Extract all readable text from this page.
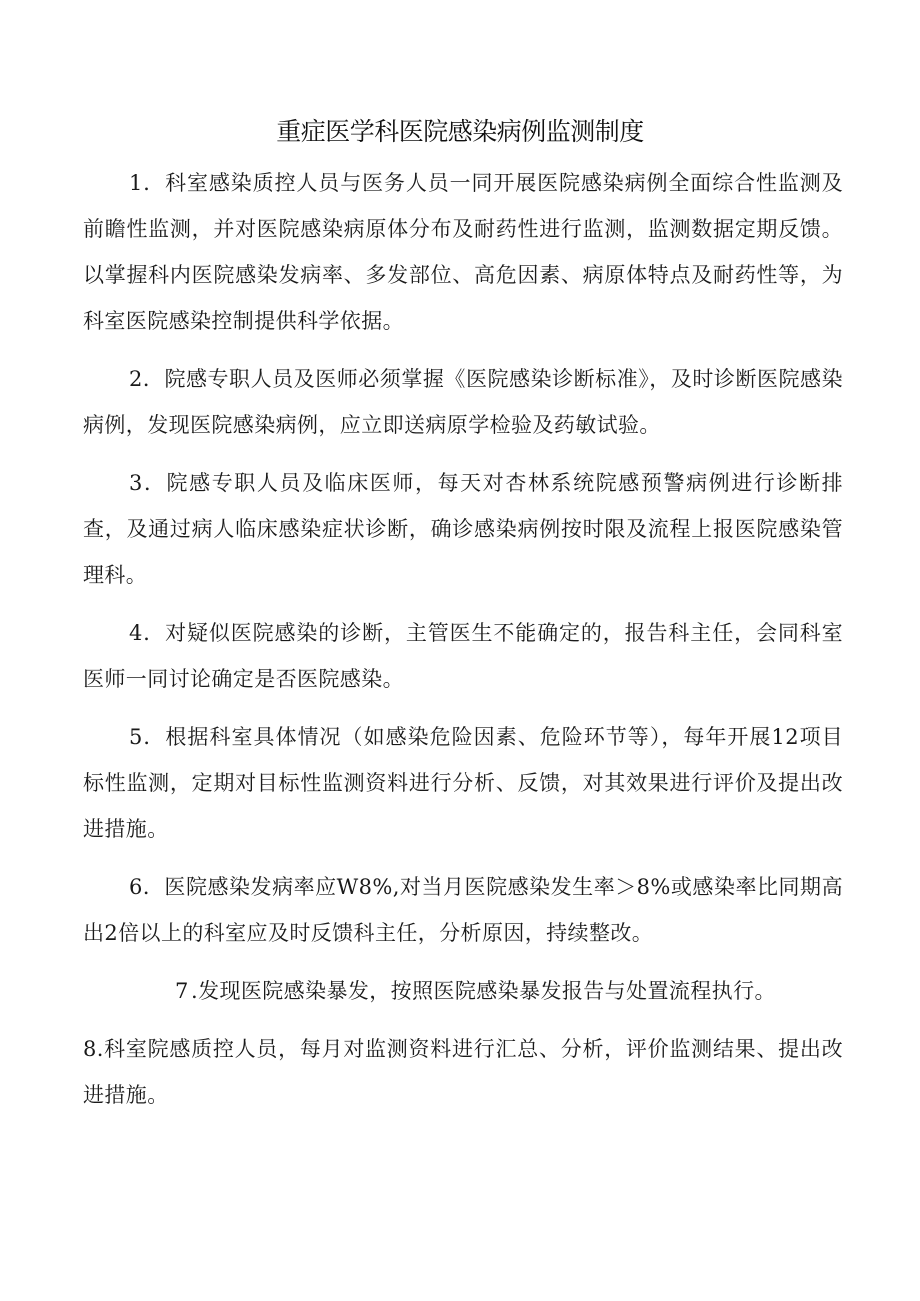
重症医学科医院感染病例监测制度

1．科室感染质控人员与医务人员一同开展医院感染病例全面综合性监测及前瞻性监测，并对医院感染病原体分布及耐药性进行监测，监测数据定期反馈。以掌握科内医院感染发病率、多发部位、高危因素、病原体特点及耐药性等，为科室医院感染控制提供科学依据。

2．院感专职人员及医师必须掌握《医院感染诊断标准》，及时诊断医院感染病例，发现医院感染病例，应立即送病原学检验及药敏试验。

3．院感专职人员及临床医师，每天对杏林系统院感预警病例进行诊断排查，及通过病人临床感染症状诊断，确诊感染病例按时限及流程上报医院感染管理科。

4．对疑似医院感染的诊断，主管医生不能确定的，报告科主任，会同科室医师一同讨论确定是否医院感染。

5．根据科室具体情况（如感染危险因素、危险环节等），每年开展12项目标性监测，定期对目标性监测资料进行分析、反馈，对其效果进行评价及提出改进措施。

6．医院感染发病率应W8%,对当月医院感染发生率＞8%或感染率比同期高出2倍以上的科室应及时反馈科主任，分析原因，持续整改。

7 .发现医院感染暴发，按照医院感染暴发报告与处置流程执行。

8.科室院感质控人员，每月对监测资料进行汇总、分析，评价监测结果、提出改进措施。
